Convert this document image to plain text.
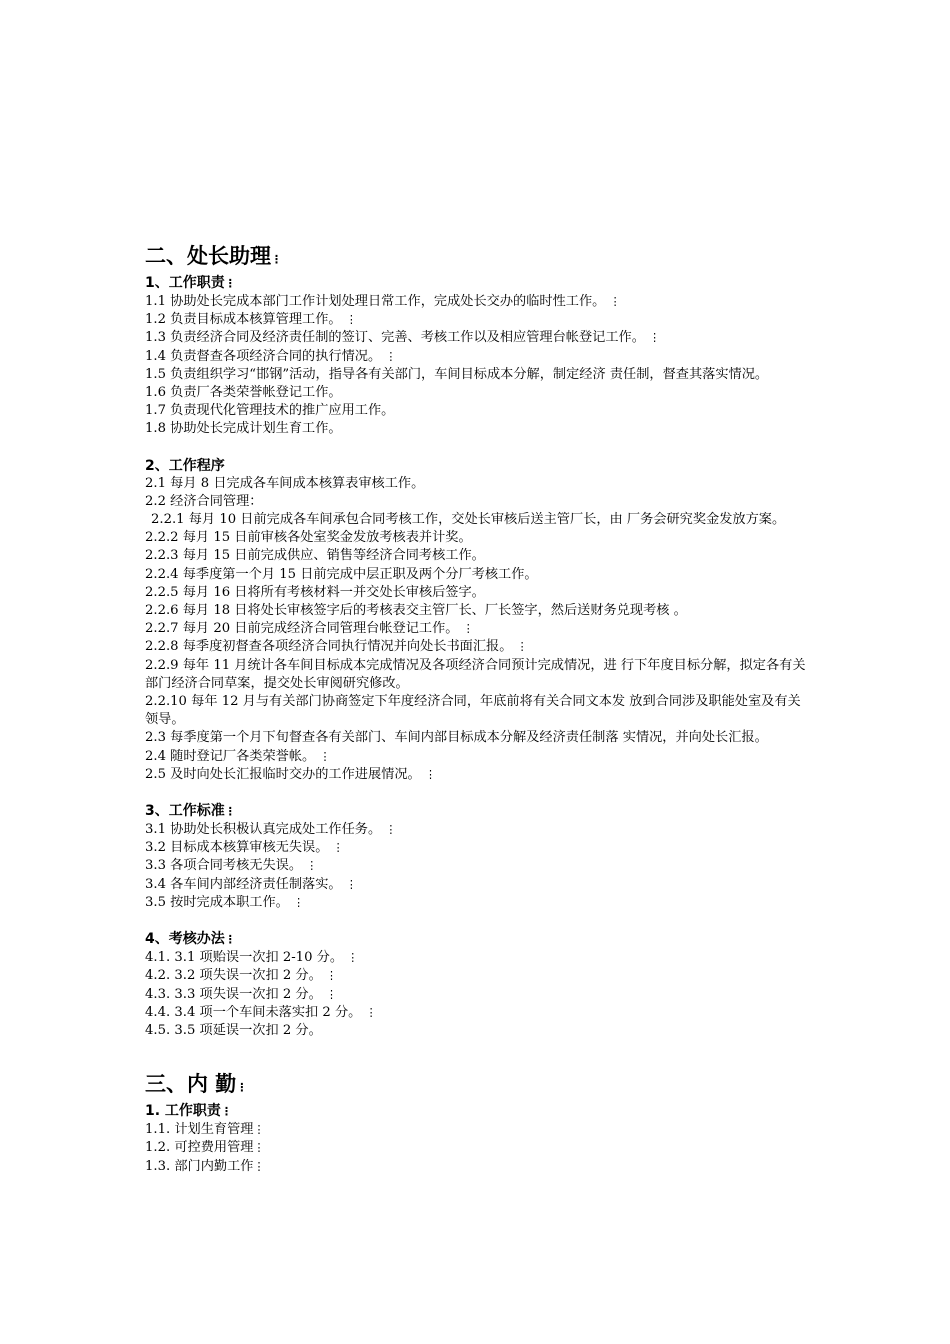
二、处长助理⋮
1、工作职责⋮
1.1 协助处长完成本部门工作计划处理日常工作，完成处长交办的临时性工作。 ⋮
1.2 负责目标成本核算管理工作。 ⋮
1.3 负责经济合同及经济责任制的签订、完善、考核工作以及相应管理台帐登记工作。 ⋮
1.4 负责督查各项经济合同的执行情况。 ⋮
1.5 负责组织学习“邯钢”活动，指导各有关部门，车间目标成本分解，制定经济 责任制，督查其落实情况。
1.6 负责厂各类荣誉帐登记工作。
1.7 负责现代化管理技术的推广应用工作。
1.8 协助处长完成计划生育工作。
2、工作程序
2.1 每月 8 日完成各车间成本核算表审核工作。
2.2 经济合同管理：
2.2.1 每月 10 日前完成各车间承包合同考核工作，交处长审核后送主管厂长，由 厂务会研究奖金发放方案。
2.2.2 每月 15 日前审核各处室奖金发放考核表并计奖。
2.2.3 每月 15 日前完成供应、销售等经济合同考核工作。
2.2.4 每季度第一个月 15 日前完成中层正职及两个分厂考核工作。
2.2.5 每月 16 日将所有考核材料一并交处长审核后签字。
2.2.6 每月 18 日将处长审核签字后的考核表交主管厂长、厂长签字，然后送财务兑现考核 。
2.2.7 每月 20 日前完成经济合同管理台帐登记工作。 ⋮
2.2.8 每季度初督查各项经济合同执行情况并向处长书面汇报。 ⋮
2.2.9 每年 11 月统计各车间目标成本完成情况及各项经济合同预计完成情况，进 行下年度目标分解，拟定各有关部门经济合同草案，提交处长审阅研究修改。
2.2.10 每年 12 月与有关部门协商签定下年度经济合同，年底前将有关合同文本发 放到合同涉及职能处室及有关领导。
2.3 每季度第一个月下旬督查各有关部门、车间内部目标成本分解及经济责任制落 实情况，并向处长汇报。
2.4 随时登记厂各类荣誉帐。 ⋮
2.5 及时向处长汇报临时交办的工作进展情况。 ⋮
3、工作标准⋮
3.1 协助处长积极认真完成处工作任务。 ⋮
3.2 目标成本核算审核无失误。 ⋮
3.3 各项合同考核无失误。 ⋮
3.4 各车间内部经济责任制落实。 ⋮
3.5 按时完成本职工作。 ⋮
4、考核办法⋮
4.1. 3.1 项贻误一次扣 2-10 分。 ⋮
4.2. 3.2 项失误一次扣 2 分。 ⋮
4.3. 3.3 项失误一次扣 2 分。 ⋮
4.4. 3.4 项一个车间未落实扣 2 分。 ⋮
4.5. 3.5 项延误一次扣 2 分。
三、内 勤⋮
1. 工作职责⋮
1.1. 计划生育管理⋮
1.2. 可控费用管理⋮
1.3. 部门内勤工作⋮
